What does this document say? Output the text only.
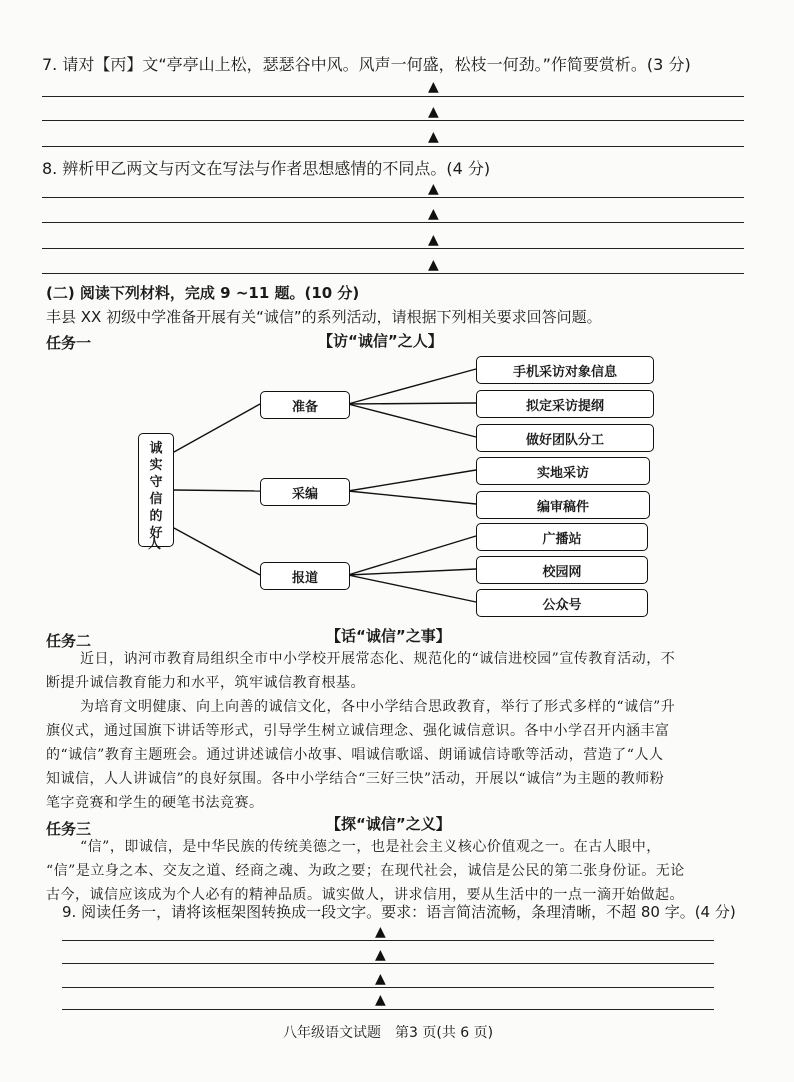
7. 请对【丙】文“亭亭山上松，瑟瑟谷中风。风声一何盛，松枝一何劲。”作简要赏析。(3 分)
▲
▲
▲
8. 辨析甲乙两文与丙文在写法与作者思想感情的不同点。(4 分)
▲
▲
▲
▲
(二) 阅读下列材料，完成 9 ~11 题。(10 分)
丰县 XX 初级中学准备开展有关“诚信”的系列活动，请根据下列相关要求回答问题。
任务一	【访“诚信”之人】
诚
实
守
信
的
好
人
准备
采编
报道
手机采访对象信息
拟定采访提纲
做好团队分工
实地采访
编审稿件
广播站
校园网
公众号
任务二	【话“诚信”之事】
近日，讷河市教育局组织全市中小学校开展常态化、规范化的“诚信进校园”宣传教育活动，不
断提升诚信教育能力和水平，筑牢诚信教育根基。
为培育文明健康、向上向善的诚信文化，各中小学结合思政教育，举行了形式多样的“诚信”升
旗仪式，通过国旗下讲话等形式，引导学生树立诚信理念、强化诚信意识。各中小学召开内涵丰富
的“诚信”教育主题班会。通过讲述诚信小故事、唱诚信歌谣、朗诵诚信诗歌等活动，营造了“人人
知诚信，人人讲诚信”的良好氛围。各中小学结合“三好三快”活动，开展以“诚信”为主题的教师粉
笔字竞赛和学生的硬笔书法竞赛。
任务三	【探“诚信”之义】
“信”，即诚信，是中华民族的传统美德之一，也是社会主义核心价值观之一。在古人眼中，
“信”是立身之本、交友之道、经商之魂、为政之要；在现代社会，诚信是公民的第二张身份证。无论
古今，诚信应该成为个人必有的精神品质。诚实做人，讲求信用，要从生活中的一点一滴开始做起。
9. 阅读任务一，请将该框架图转换成一段文字。要求：语言简洁流畅，条理清晰，不超 80 字。(4 分)
▲
▲
▲
▲
八年级语文试题　第3 页(共 6 页)
